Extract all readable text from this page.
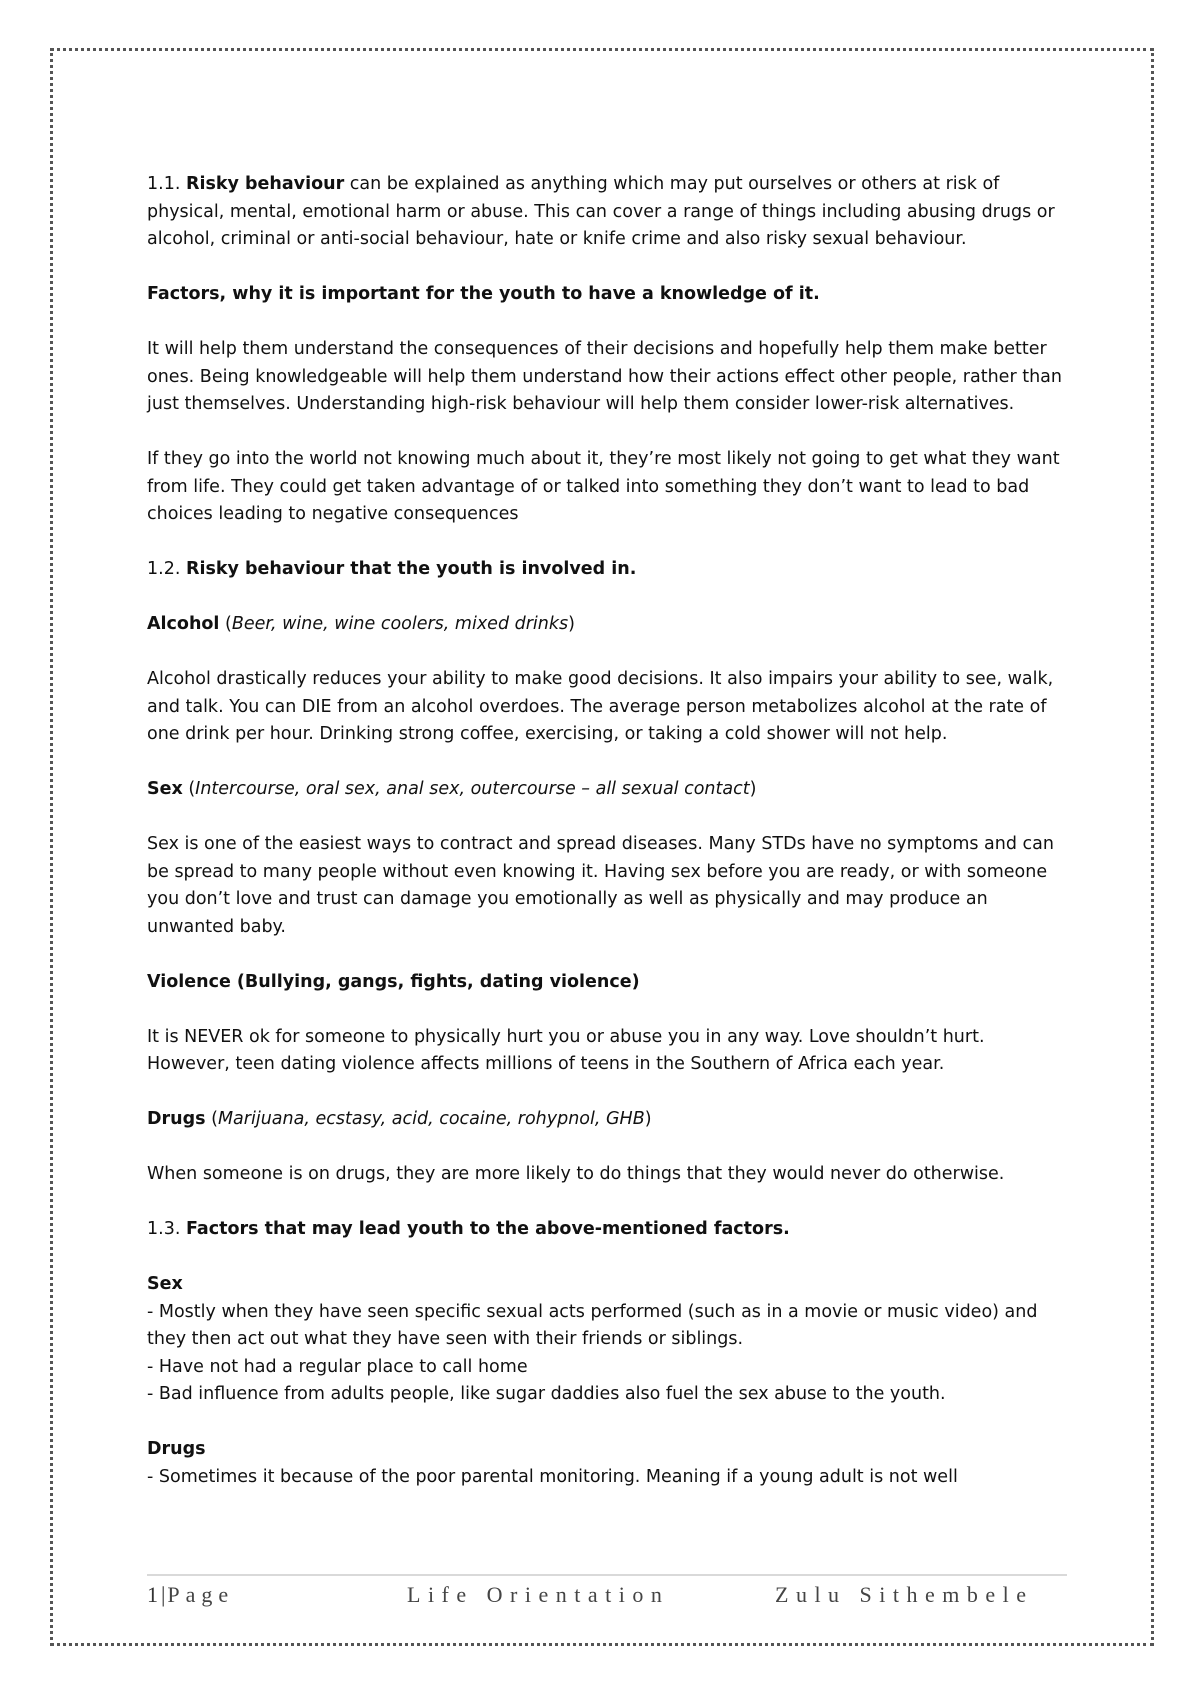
1.1. Risky behaviour can be explained as anything which may put ourselves or others at risk of physical, mental, emotional harm or abuse. This can cover a range of things including abusing drugs or alcohol, criminal or anti-social behaviour, hate or knife crime and also risky sexual behaviour.

Factors, why it is important for the youth to have a knowledge of it.

It will help them understand the consequences of their decisions and hopefully help them make better ones. Being knowledgeable will help them understand how their actions effect other people, rather than just themselves. Understanding high-risk behaviour will help them consider lower-risk alternatives.

If they go into the world not knowing much about it, they’re most likely not going to get what they want from life. They could get taken advantage of or talked into something they don’t want to lead to bad choices leading to negative consequences

1.2. Risky behaviour that the youth is involved in.

Alcohol (Beer, wine, wine coolers, mixed drinks)

Alcohol drastically reduces your ability to make good decisions. It also impairs your ability to see, walk, and talk. You can DIE from an alcohol overdoes. The average person metabolizes alcohol at the rate of one drink per hour. Drinking strong coffee, exercising, or taking a cold shower will not help.

Sex (Intercourse, oral sex, anal sex, outercourse – all sexual contact)

Sex is one of the easiest ways to contract and spread diseases. Many STDs have no symptoms and can be spread to many people without even knowing it. Having sex before you are ready, or with someone you don’t love and trust can damage you emotionally as well as physically and may produce an unwanted baby.

Violence (Bullying, gangs, fights, dating violence)

It is NEVER ok for someone to physically hurt you or abuse you in any way. Love shouldn’t hurt. However, teen dating violence affects millions of teens in the Southern of Africa each year.

Drugs (Marijuana, ecstasy, acid, cocaine, rohypnol, GHB)

When someone is on drugs, they are more likely to do things that they would never do otherwise.

1.3. Factors that may lead youth to the above-mentioned factors.

Sex
- Mostly when they have seen specific sexual acts performed (such as in a movie or music video) and they then act out what they have seen with their friends or siblings.
- Have not had a regular place to call home
- Bad influence from adults people, like sugar daddies also fuel the sex abuse to the youth.
Drugs
- Sometimes it because of the poor parental monitoring. Meaning if a young adult is not well
1|Page	Life Orientation	Zulu Sithembele
